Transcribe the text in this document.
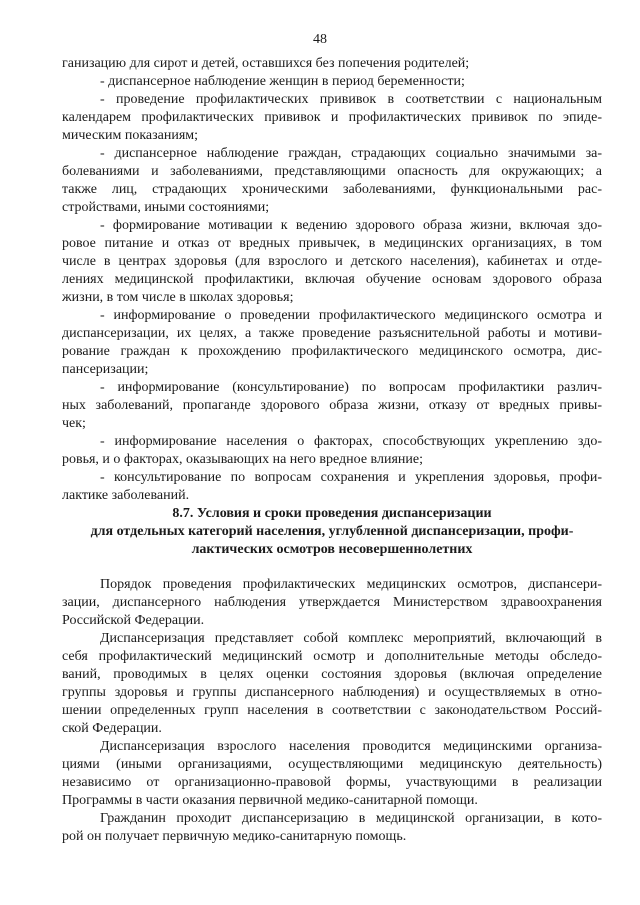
48
ганизацию для сирот и детей, оставшихся без попечения родителей;
- диспансерное наблюдение женщин в период беременности;
- проведение профилактических прививок в соответствии с национальным
календарем профилактических прививок и профилактических прививок по эпиде-
мическим показаниям;
- диспансерное наблюдение граждан, страдающих социально значимыми за-
болеваниями и заболеваниями, представляющими опасность для окружающих; а
также лиц, страдающих хроническими заболеваниями, функциональными рас-
стройствами, иными состояниями;
- формирование мотивации к ведению здорового образа жизни, включая здо-
ровое питание и отказ от вредных привычек, в медицинских организациях, в том
числе в центрах здоровья (для взрослого и детского населения), кабинетах и отде-
лениях медицинской профилактики, включая обучение основам здорового образа
жизни, в том числе в школах здоровья;
- информирование о проведении профилактического медицинского осмотра и
диспансеризации, их целях, а также проведение разъяснительной работы и мотиви-
рование граждан к прохождению профилактического медицинского осмотра, дис-
пансеризации;
- информирование (консультирование) по вопросам профилактики различ-
ных заболеваний, пропаганде здорового образа жизни, отказу от вредных привы-
чек;
- информирование населения о факторах, способствующих укреплению здо-
ровья, и о факторах, оказывающих на него вредное влияние;
- консультирование по вопросам сохранения и укрепления здоровья, профи-
лактике заболеваний.
8.7. Условия и сроки проведения диспансеризации
для отдельных категорий населения, углубленной диспансеризации, профи-
лактических осмотров несовершеннолетних
Порядок проведения профилактических медицинских осмотров, диспансери-
зации, диспансерного наблюдения утверждается Министерством здравоохранения
Российской Федерации.
Диспансеризация представляет собой комплекс мероприятий, включающий в
себя профилактический медицинский осмотр и дополнительные методы обследо-
ваний, проводимых в целях оценки состояния здоровья (включая определение
группы здоровья и группы диспансерного наблюдения) и осуществляемых в отно-
шении определенных групп населения в соответствии с законодательством Россий-
ской Федерации.
Диспансеризация взрослого населения проводится медицинскими организа-
циями (иными организациями, осуществляющими медицинскую деятельность)
независимо от организационно-правовой формы, участвующими в реализации
Программы в части оказания первичной медико-санитарной помощи.
Гражданин проходит диспансеризацию в медицинской организации, в кото-
рой он получает первичную медико-санитарную помощь.
